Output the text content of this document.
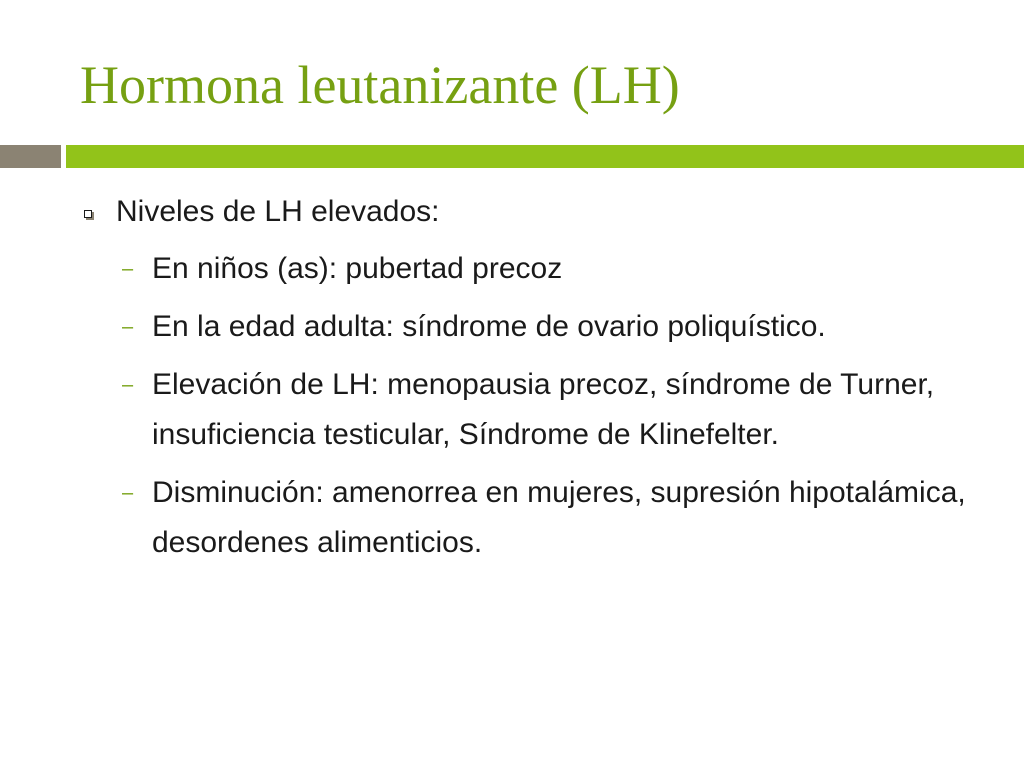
Hormona leutanizante (LH)
Niveles de LH elevados:
– En niños (as): pubertad precoz
– En la edad adulta: síndrome de ovario poliquístico.
– Elevación de LH: menopausia precoz, síndrome de Turner, insuficiencia testicular, Síndrome de Klinefelter.
– Disminución: amenorrea en mujeres, supresión hipotalámica, desordenes alimenticios.
